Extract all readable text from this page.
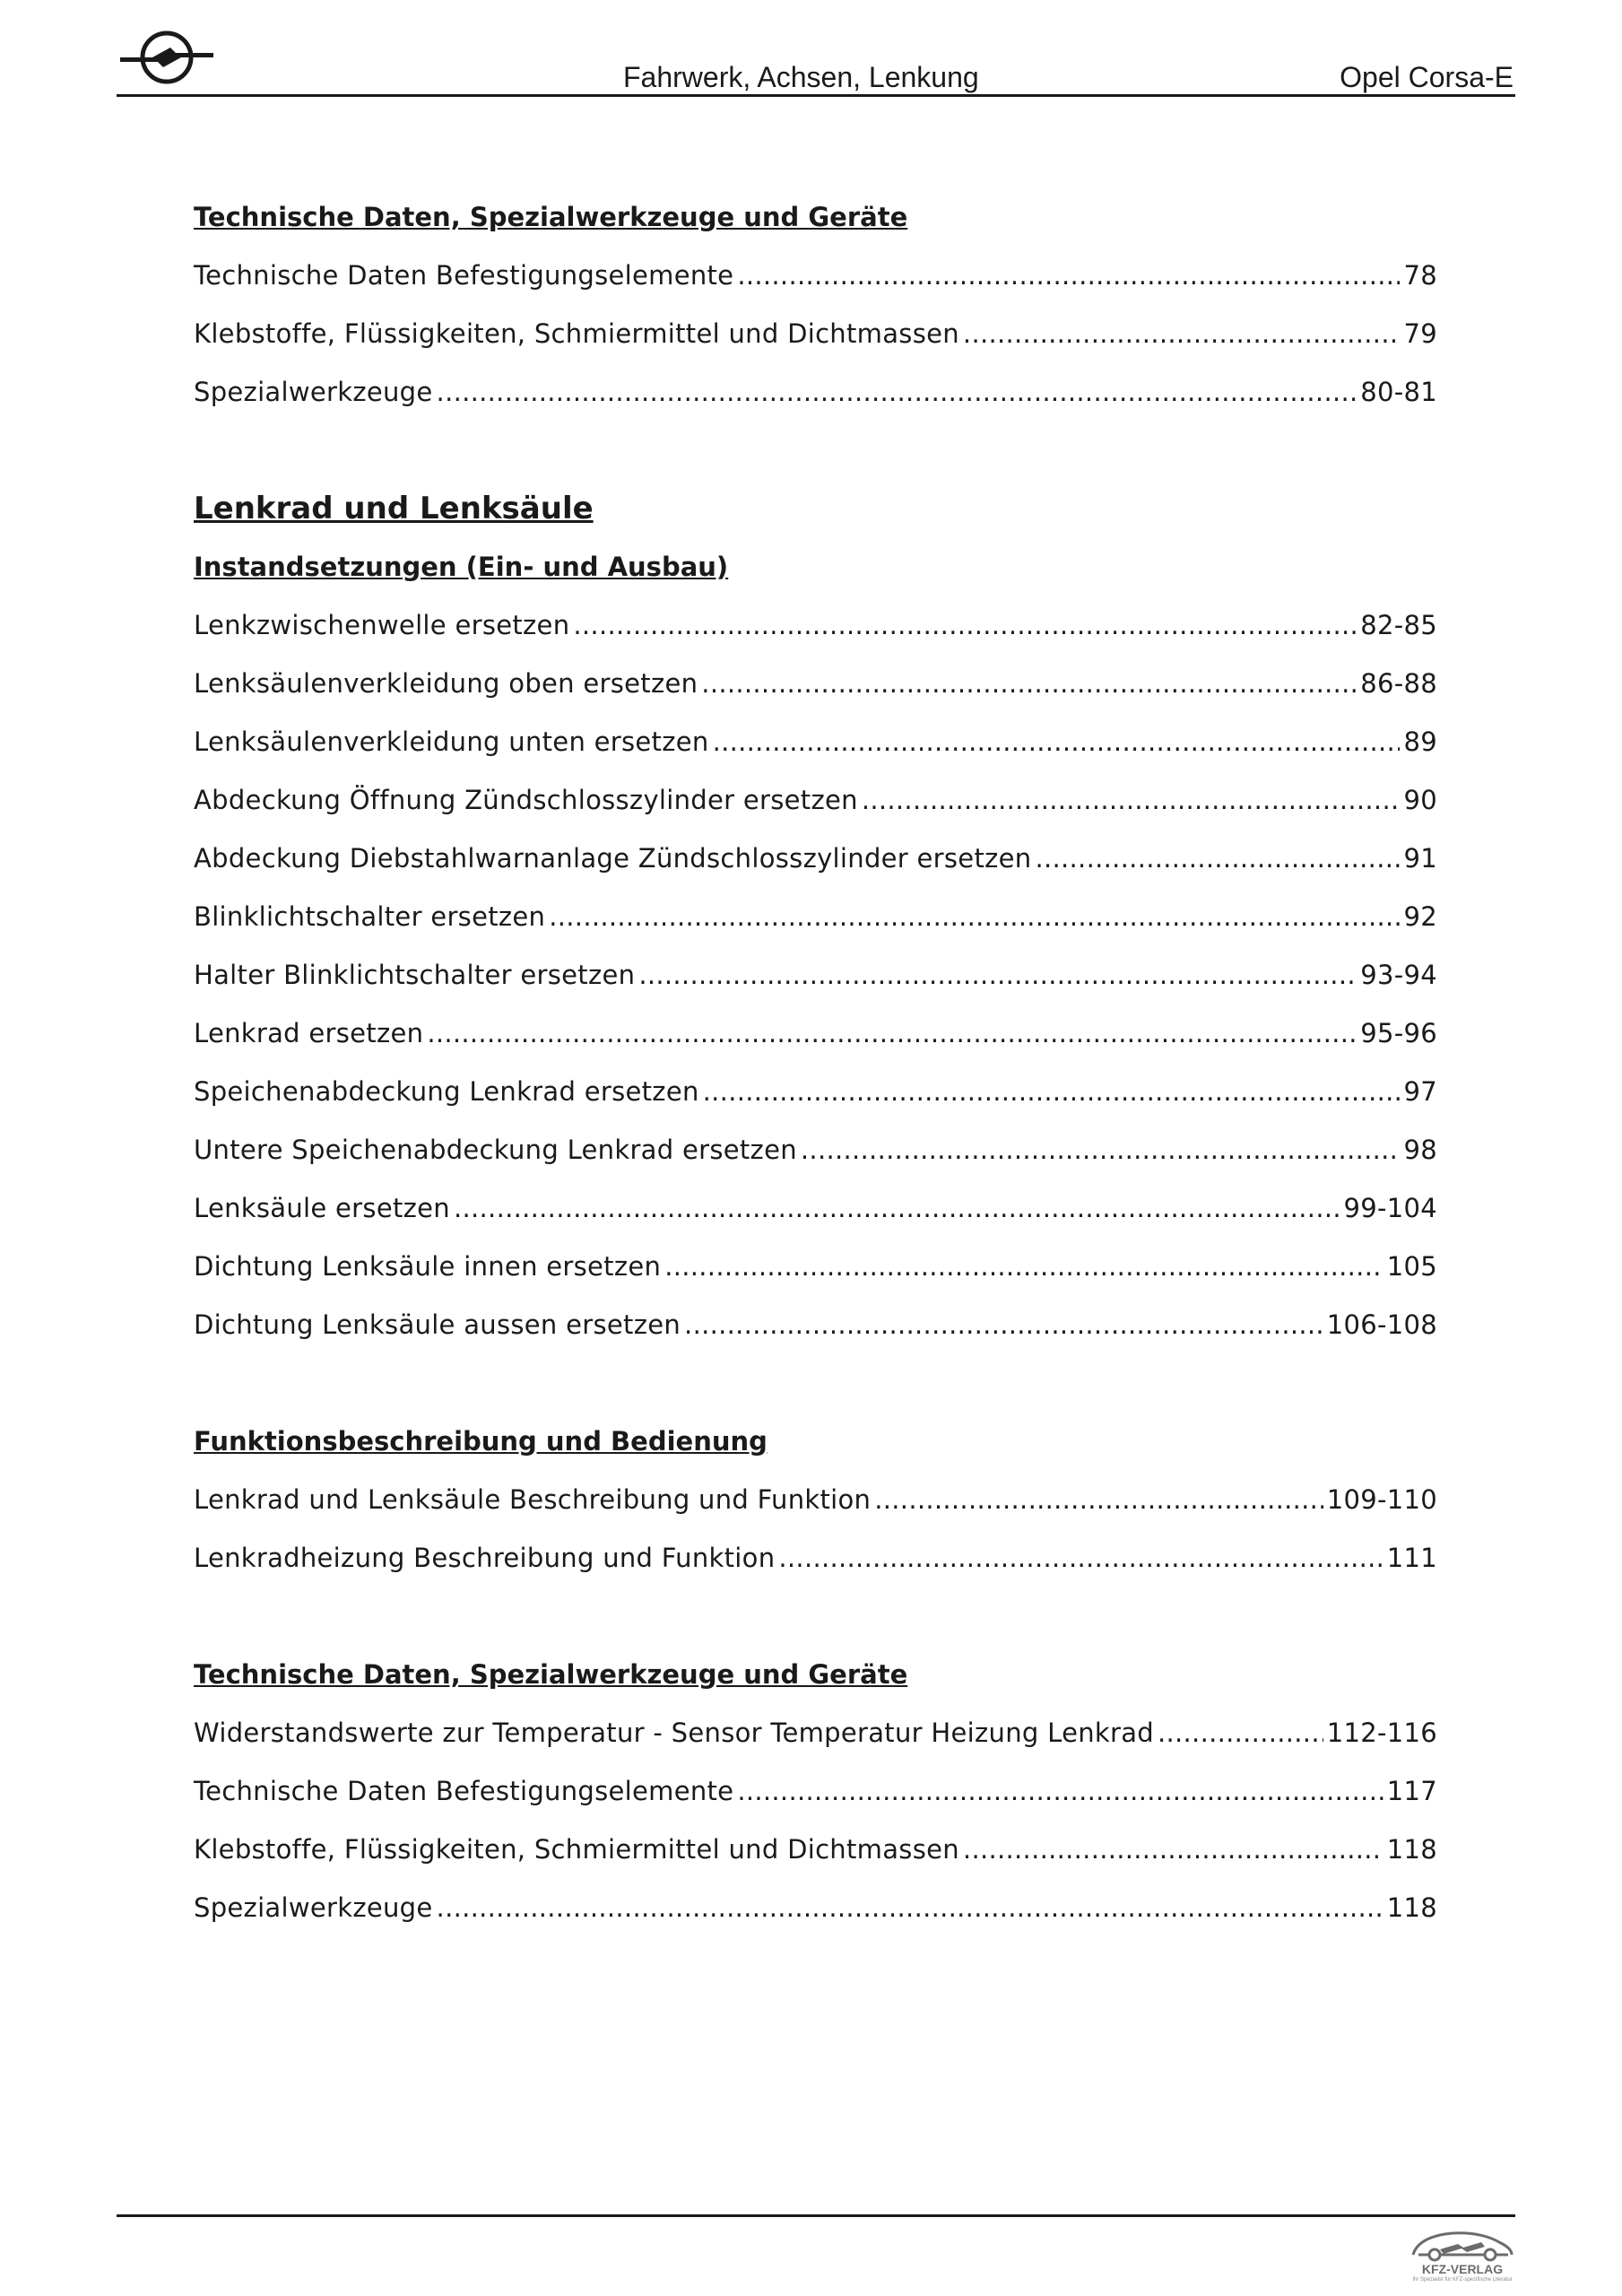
Fahrwerk, Achsen, Lenkung	Opel Corsa-E
Technische Daten, Spezialwerkzeuge und Geräte
Technische Daten Befestigungselemente .....	78
Klebstoffe, Flüssigkeiten, Schmiermittel und Dichtmassen .....	79
Spezialwerkzeuge .....	80-81
Lenkrad und Lenksäule
Instandsetzungen (Ein- und Ausbau)
Lenkzwischenwelle ersetzen .....	82-85
Lenksäulenverkleidung oben ersetzen .....	86-88
Lenksäulenverkleidung unten ersetzen .....	89
Abdeckung Öffnung Zündschlosszylinder ersetzen .....	90
Abdeckung Diebstahlwarnanlage Zündschlosszylinder ersetzen .....	91
Blinklichtschalter ersetzen .....	92
Halter Blinklichtschalter ersetzen .....	93-94
Lenkrad ersetzen .....	95-96
Speichenabdeckung Lenkrad ersetzen .....	97
Untere Speichenabdeckung Lenkrad ersetzen .....	98
Lenksäule ersetzen .....	99-104
Dichtung Lenksäule innen ersetzen .....	105
Dichtung Lenksäule aussen ersetzen .....	106-108
Funktionsbeschreibung und Bedienung
Lenkrad und Lenksäule Beschreibung und Funktion .....	109-110
Lenkradheizung Beschreibung und Funktion .....	111
Technische Daten, Spezialwerkzeuge und Geräte
Widerstandswerte zur Temperatur - Sensor Temperatur Heizung Lenkrad .....	112-116
Technische Daten Befestigungselemente .....	117
Klebstoffe, Flüssigkeiten, Schmiermittel und Dichtmassen .....	118
Spezialwerkzeuge .....	118
KFZ-VERLAG
Ihr Spezialist für KFZ-spezifische Literatur
